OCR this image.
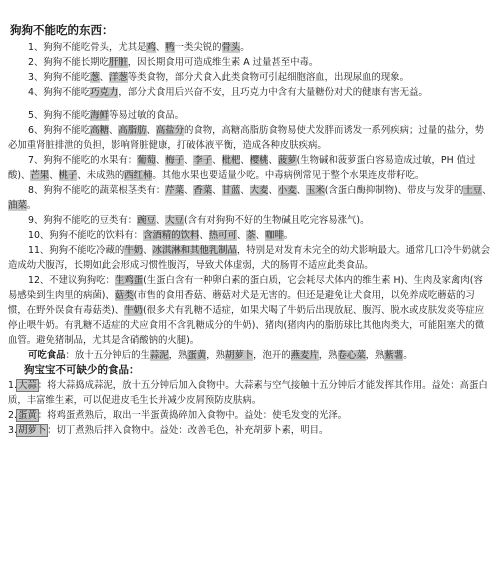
狗狗不能吃的东西：
1、狗狗不能吃骨头，尤其是鸡、鸭一类尖锐的骨头。
2、狗狗不能长期吃肝脏，因长期食用可造成维生素 A 过量甚至中毒。
3、狗狗不能吃葱、洋葱等类食物，部分犬食入此类食物可引起细胞溶血，出现尿血的现象。
4、狗狗不能吃巧克力，部分犬食用后兴奋不安，且巧克力中含有大量糖份对犬的健康有害无益。
5、狗狗不能吃海鲜等易过敏的食品。
6、狗狗不能吃高糖、高脂肪、高盐分的食物，高糖高脂肪食物易使犬发胖而诱发一系列疾病；过量的盐分，势必加重肾脏排泄的负担，影响肾脏健康，打破体液平衡，造成各种皮肤疾病。
7、狗狗不能吃的水果有：葡萄、梅子、李子、枇杷、樱桃、菠萝(生物碱和菠萝蛋白容易造成过敏，PH 值过酸)、芒果、桃子、未成熟的西红柿。其他水果也要适量少吃。中毒病例常见于整个水果连皮带籽吃。
8、狗狗不能吃的蔬菜根茎类有：芹菜、香菜、甘蓝、大麦、小麦、玉米(含蛋白酶抑制物)、带皮与发芽的土豆、油菜。
9、狗狗不能吃的豆类有：豌豆、大豆(含有对狗狗不好的生物碱且吃完容易涨气)。
10、狗狗不能吃的饮料有：含酒精的饮料、热可可、茶、咖啡。
11、狗狗不能吃冷藏的牛奶、冰淇淋和其他乳制品，特别是对发育未完全的幼犬影响最大。通常几口冷牛奶就会造成幼犬腹泻，长期如此会形成习惯性腹泻，导致犬体虚弱，犬的肠胃不适应此类食品。
12、不建议狗狗吃：生鸡蛋(生蛋白含有一种卵白素的蛋白质，它会耗尽犬体内的维生素 H)、生肉及家禽肉(容易感染到生肉里的病菌)、菇类(市售的食用香菇、蘑菇对犬是无害的。但还是避免让犬食用，以免养成吃蘑菇的习惯，在野外误食有毒菇类)、牛奶(很多犬有乳糖不适症，如果犬喝了牛奶后出现放屁、腹泻、脱水或皮肤发炎等症应停止喂牛奶。有乳糖不适症的犬应食用不含乳糖成分的牛奶)、猪肉(猪肉内的脂肪球比其他肉类大，可能阻塞犬的微血管。避免猪制品，尤其是含硝酸钠的火腿)。
可吃食品：放十五分钟后的生蒜泥，熟蛋黄，熟胡萝卜，泡开的燕麦片，熟卷心菜，熟紫薯。
狗宝宝不可缺少的食品：
1.大蒜：将大蒜捣成蒜泥，放十五分钟后加入食物中。大蒜素与空气接触十五分钟后才能发挥其作用。益处：高蛋白质，丰富维生素，可以促进皮毛生长并减少皮屑预防皮肤病。
2.蛋黄：将鸡蛋煮熟后，取出一半蛋黄捣碎加入食物中。益处：使毛发变的光泽。
3.胡萝卜：切丁煮熟后拌入食物中。益处：改善毛色，补充胡萝卜素，明目。
